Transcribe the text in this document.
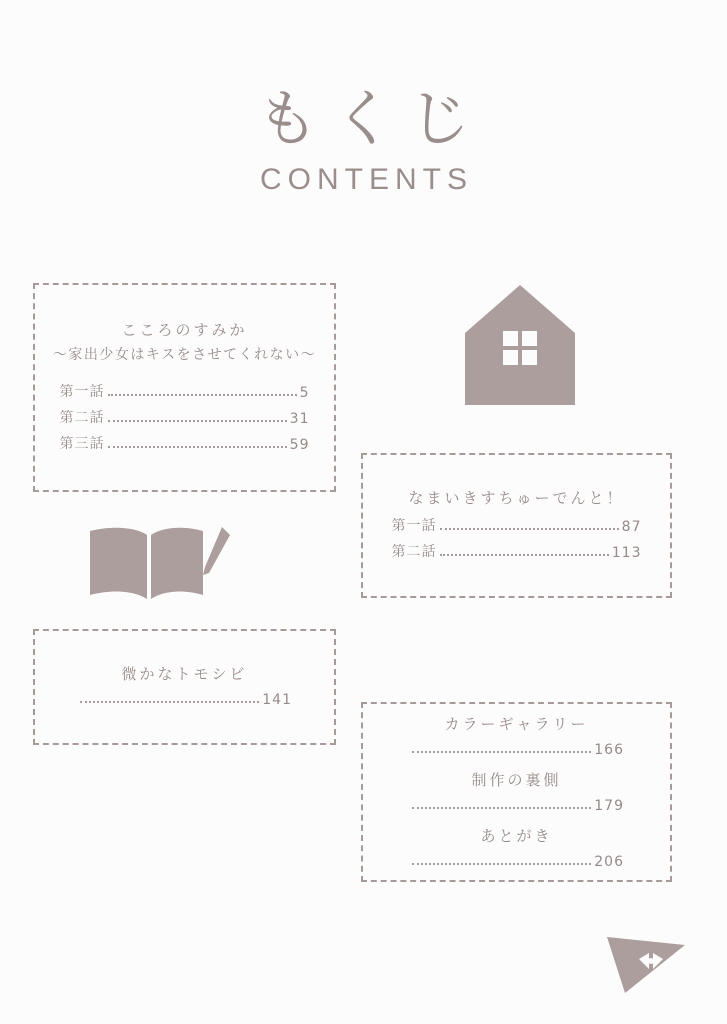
もくじ
CONTENTS
こころのすみか
〜家出少女はキスをさせてくれない〜
第一話	5
第二話	31
第三話	59
なまいきすちゅーでんと！
第一話	87
第二話	113
微かなトモシビ
141
カラーギャラリー
166
制作の裏側
179
あとがき
206
